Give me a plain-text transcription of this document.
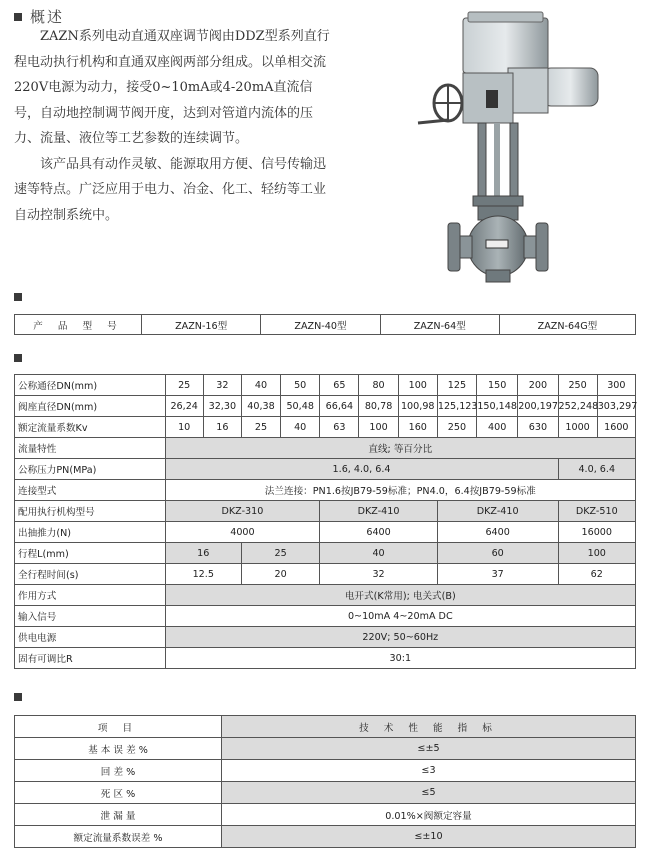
概述

ZAZN系列电动直通双座调节阀由DDZ型系列直行程电动执行机构和直通双座阀两部分组成。以单相交流220V电源为动力，接受0~10mA或4-20mA直流信号，自动地控制调节阀开度，达到对管道内流体的压力、流量、液位等工艺参数的连续调节。

该产品具有动作灵敏、能源取用方便、信号传输迅速等特点。广泛应用于电力、冶金、化工、轻纺等工业自动控制系统中。

产 品 型 号	ZAZN-16型	ZAZN-40型	ZAZN-64型	ZAZN-64G型
公称通径DN(mm)	25	32	40	50	65	80	100	125	150	200	250	300
阀座直径DN(mm)	26,24	32,30	40,38	50,48	66,64	80,78	100,98	125,123	150,148	200,197	252,248	303,297
额定流量系数Kv	10	16	25	40	63	100	160	250	400	630	1000	1600
流量特性	直线; 等百分比											
公称压力PN(MPa)	1.6, 4.0, 6.4										4.0, 6.4	
连接型式	法兰连接：PN1.6按JB79-59标准；PN4.0，6.4按JB79-59标准											
配用执行机构型号	DKZ-310				DKZ-410			DKZ-410			DKZ-510	
出抽推力(N)	4000				6400			6400			16000	
行程L(mm)	16		25		40			60			100	
全行程时间(s)	12.5		20		32			37			62	
作用方式	电开式(K常用); 电关式(B)											
输入信号	0~10mA 4~20mA DC											
供电电源	220V; 50~60Hz											
固有可调比R	30:1											
项 目	技 术 性 能 指 标
基 本 误 差 %	≤±5
回 差 %	≤3
死 区 %	≤5
泄 漏 量	0.01%×阀额定容量
额定流量系数误差 %	≤±10
